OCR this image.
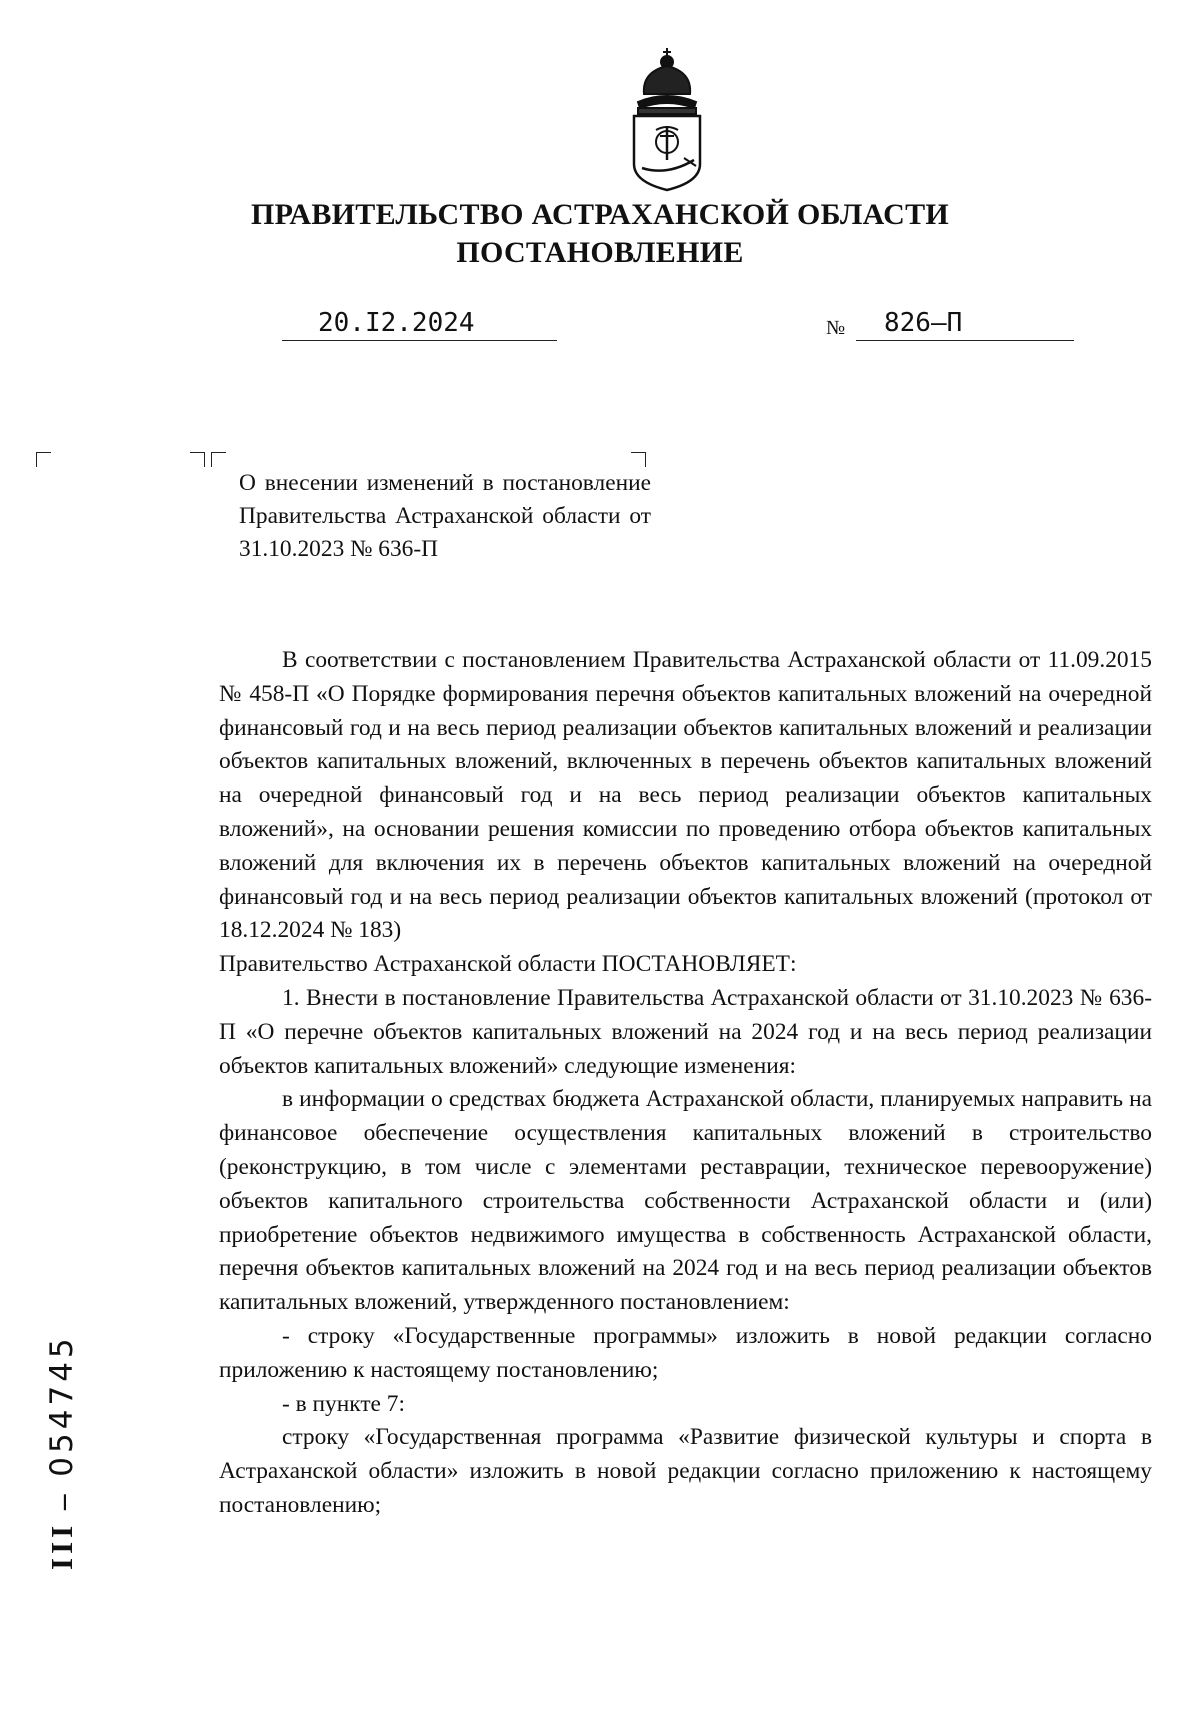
ПРАВИТЕЛЬСТВО АСТРАХАНСКОЙ ОБЛАСТИ
ПОСТАНОВЛЕНИЕ
20.I2.2024	№ 826–П
О внесении изменений в постановление Правительства Астраханской области от 31.10.2023 № 636-П

В соответствии с постановлением Правительства Астраханской области от 11.09.2015 № 458-П «О Порядке формирования перечня объектов капитальных вложений на очередной финансовый год и на весь период реализации объектов капитальных вложений и реализации объектов капитальных вложений, включенных в перечень объектов капитальных вложений на очередной финансовый год и на весь период реализации объектов капитальных вложений», на основании решения комиссии по проведению отбора объектов капитальных вложений для включения их в перечень объектов капитальных вложений на очередной финансовый год и на весь период реализации объектов капитальных вложений (протокол от 18.12.2024 № 183)

Правительство Астраханской области ПОСТАНОВЛЯЕТ:

1. Внести в постановление Правительства Астраханской области от 31.10.2023 № 636-П «О перечне объектов капитальных вложений на 2024 год и на весь период реализации объектов капитальных вложений» следующие изменения:

в информации о средствах бюджета Астраханской области, планируемых направить на финансовое обеспечение осуществления капитальных вложений в строительство (реконструкцию, в том числе с элементами реставрации, техническое перевооружение) объектов капитального строительства собственности Астраханской области и (или) приобретение объектов недвижимого имущества в собственность Астраханской области, перечня объектов капитальных вложений на 2024 год и на весь период реализации объектов капитальных вложений, утвержденного постановлением:

- строку «Государственные программы» изложить в новой редакции согласно приложению к настоящему постановлению;

- в пункте 7:

строку «Государственная программа «Развитие физической культуры и спорта в Астраханской области» изложить в новой редакции согласно приложению к настоящему постановлению;

III – 054745
